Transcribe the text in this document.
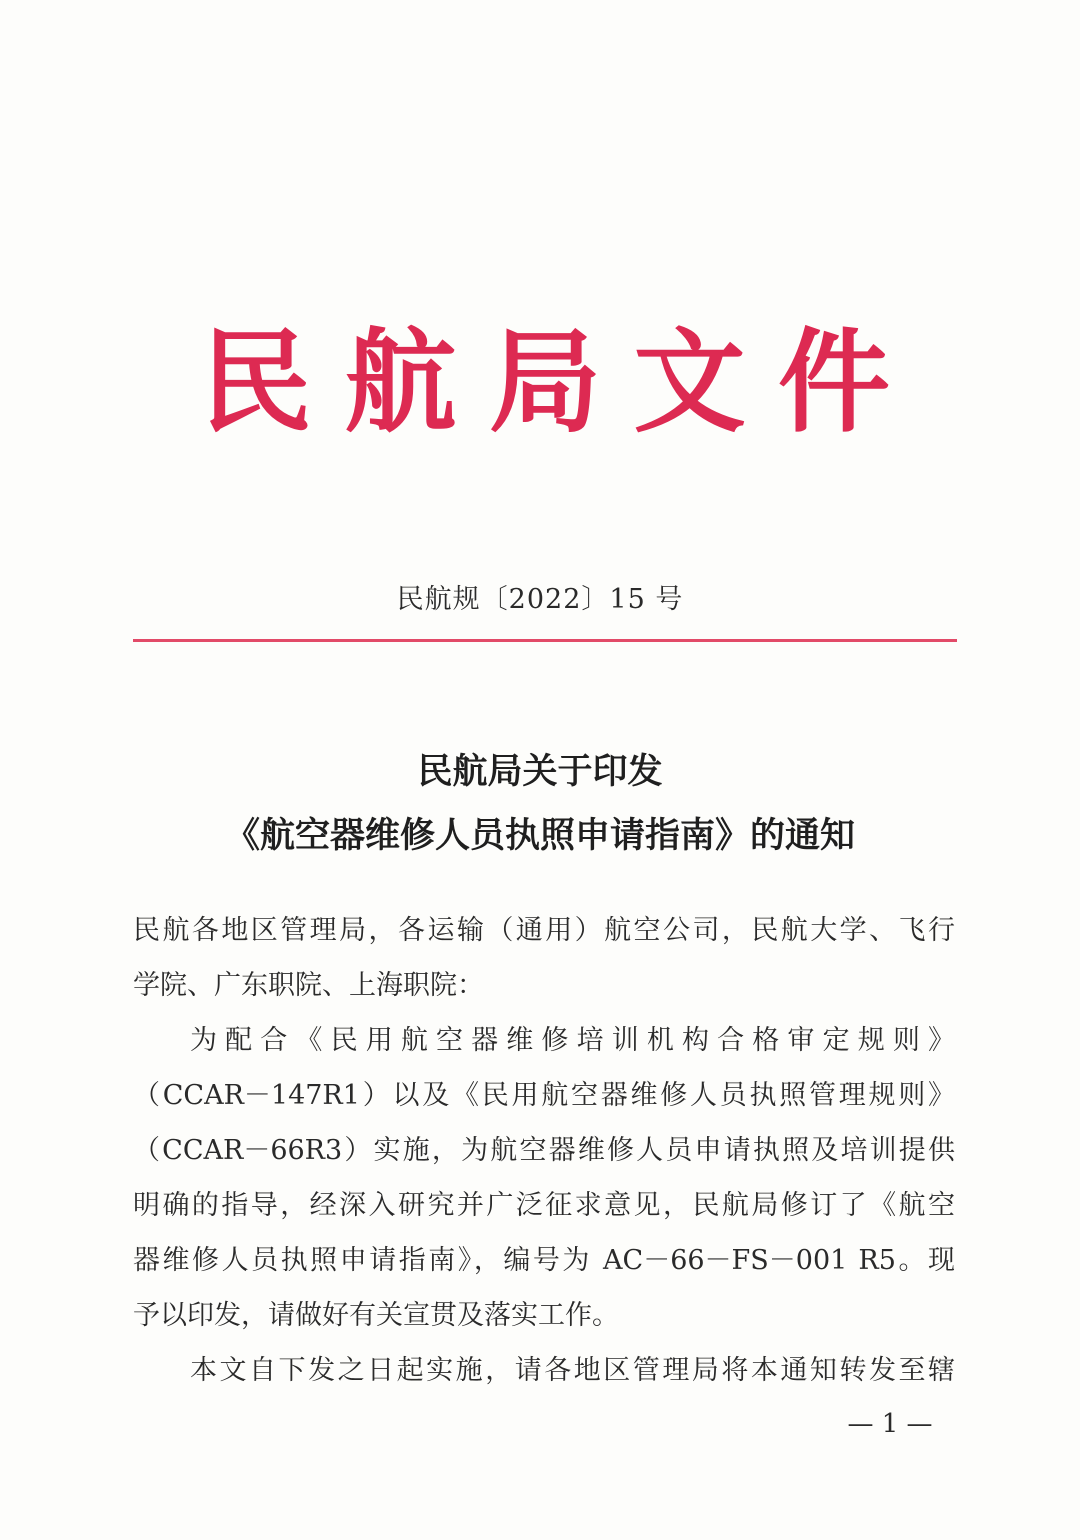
民 航 局 文 件
民航规〔2022〕15 号
民航局关于印发
《航空器维修人员执照申请指南》的通知
民航各地区管理局，各运输（通用）航空公司，民航大学、飞行
学院、广东职院、上海职院：
为配合《民用航空器维修培训机构合格审定规则》
（CCAR－147R1）以及《民用航空器维修人员执照管理规则》
（CCAR－66R3）实施，为航空器维修人员申请执照及培训提供
明确的指导，经深入研究并广泛征求意见，民航局修订了《航空
器维修人员执照申请指南》，编号为 AC－66－FS－001 R5。现
予以印发，请做好有关宣贯及落实工作。
本文自下发之日起实施，请各地区管理局将本通知转发至辖
— 1 —
